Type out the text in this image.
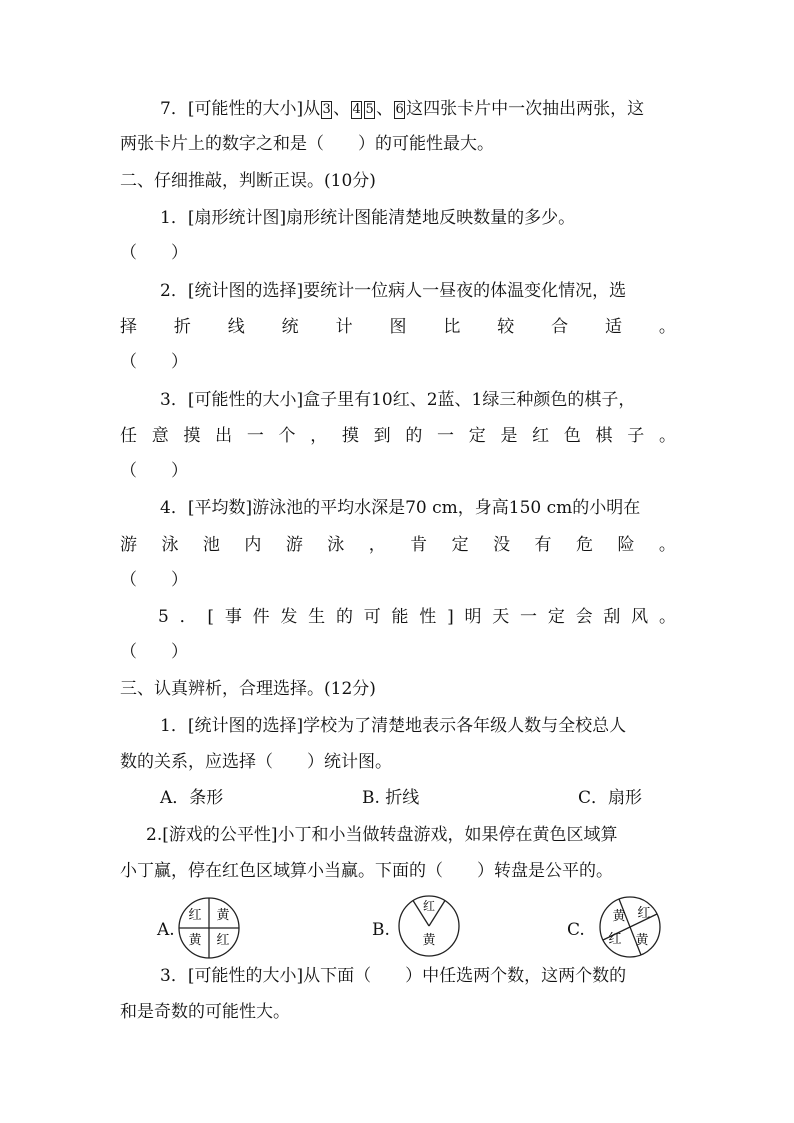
7．[可能性的大小]从 3 、 4 5 、 6 这四张卡片中一次抽出两张，这
两张卡片上的数字之和是（　　）的可能性最大。
二、仔细推敲，判断正误。(10分)
1．[扇形统计图]扇形统计图能清楚地反映数量的多少。
（　　）
2．[统计图的选择]要统计一位病人一昼夜的体温变化情况，选
择 折 线 统 计 图 比 较 合 适 。
（　　）
3．[可能性的大小]盒子里有10红、2蓝、1绿三种颜色的棋子，
任 意 摸 出 一 个 ， 摸 到 的 一 定 是 红 色 棋 子 。
（　　）
4．[平均数]游泳池的平均水深是70 cm，身高150 cm的小明在
游 泳 池 内 游 泳 ， 肯 定 没 有 危 险 。
（　　）
5 ． [ 事 件 发 生 的 可 能 性 ] 明 天 一 定 会 刮 风 。
（　　）
三、认真辨析，合理选择。(12分)
1．[统计图的选择]学校为了清楚地表示各年级人数与全校总人
数的关系，应选择（　　）统计图。
A．条形	B. 折线	C．扇形
2.[游戏的公平性]小丁和小当做转盘游戏，如果停在黄色区域算
小丁赢，停在红色区域算小当赢。下面的（　　）转盘是公平的。
A.
红 黄
黄 红
B.
红
黄
C.
黄 红
红 黄
3．[可能性的大小]从下面（　　）中任选两个数，这两个数的
和是奇数的可能性大。
